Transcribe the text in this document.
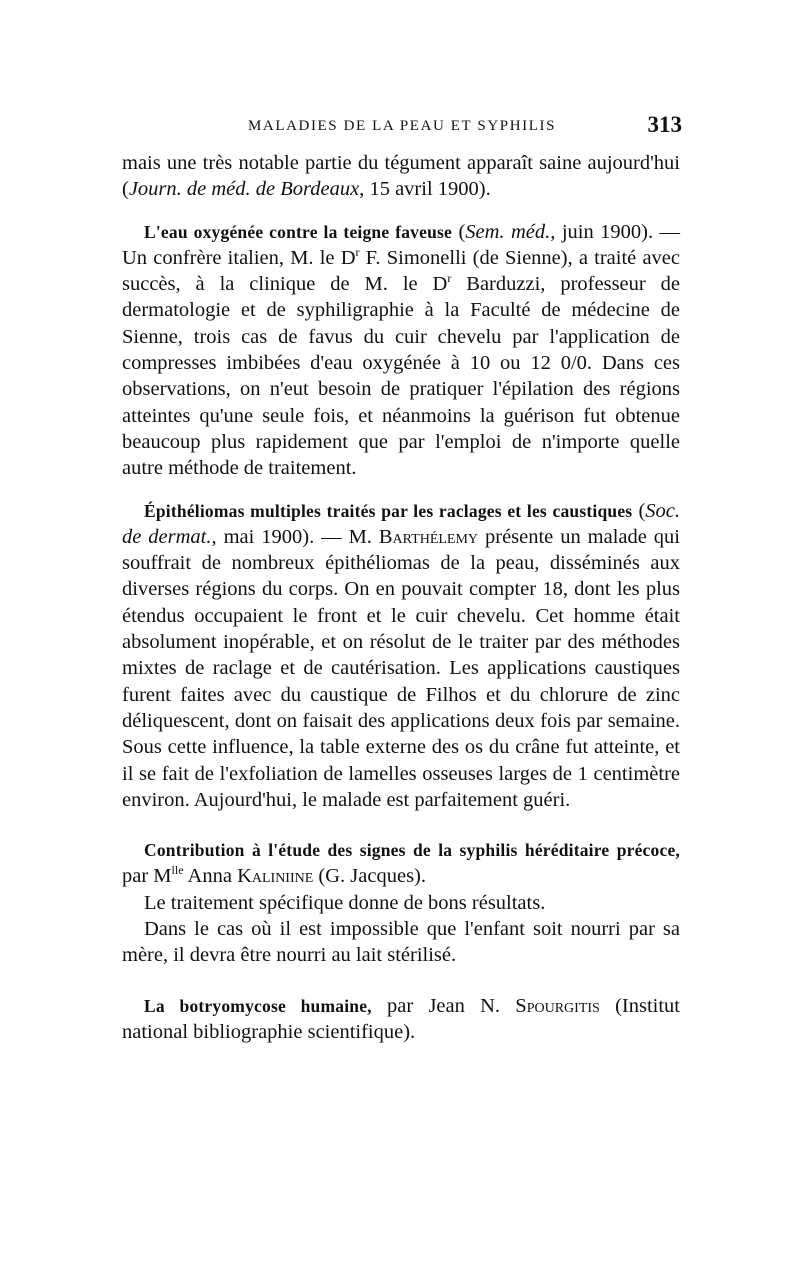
MALADIES DE LA PEAU ET SYPHILIS	313

mais une très notable partie du tégument apparaît saine aujourd'hui (Journ. de méd. de Bordeaux, 15 avril 1900).

L'eau oxygénée contre la teigne faveuse (Sem. méd., juin 1900). — Un confrère italien, M. le $D^r$ F. Simonelli (de Sienne), a traité avec succès, à la clinique de M. le $D^r$ Barduzzi, professeur de dermatologie et de syphiligraphie à la Faculté de médecine de Sienne, trois cas de favus du cuir chevelu par l'application de compresses imbibées d'eau oxygénée à 10 ou 12 0/0. Dans ces observations, on n'eut besoin de pratiquer l'épilation des régions atteintes qu'une seule fois, et néanmoins la guérison fut obtenue beaucoup plus rapidement que par l'emploi de n'importe quelle autre méthode de traitement.

Épithéliomas multiples traités par les raclages et les caustiques (Soc. de dermat., mai 1900). — M. Barthélemy présente un malade qui souffrait de nombreux épithéliomas de la peau, disséminés aux diverses régions du corps. On en pouvait compter 18, dont les plus étendus occupaient le front et le cuir chevelu. Cet homme était absolument inopérable, et on résolut de le traiter par des méthodes mixtes de raclage et de cautérisation. Les applications caustiques furent faites avec du caustique de Filhos et du chlorure de zinc déliquescent, dont on faisait des applications deux fois par semaine. Sous cette influence, la table externe des os du crâne fut atteinte, et il se fait de l'exfoliation de lamelles osseuses larges de 1 centimètre environ. Aujourd'hui, le malade est parfaitement guéri.

Contribution à l'étude des signes de la syphilis héréditaire précoce, par $M^{lle}$ Anna Kaliniine (G. Jacques).

Le traitement spécifique donne de bons résultats.

Dans le cas où il est impossible que l'enfant soit nourri par sa mère, il devra être nourri au lait stérilisé.

La botryomycose humaine, par Jean N. Spourgitis (Institut national bibliographie scientifique).
